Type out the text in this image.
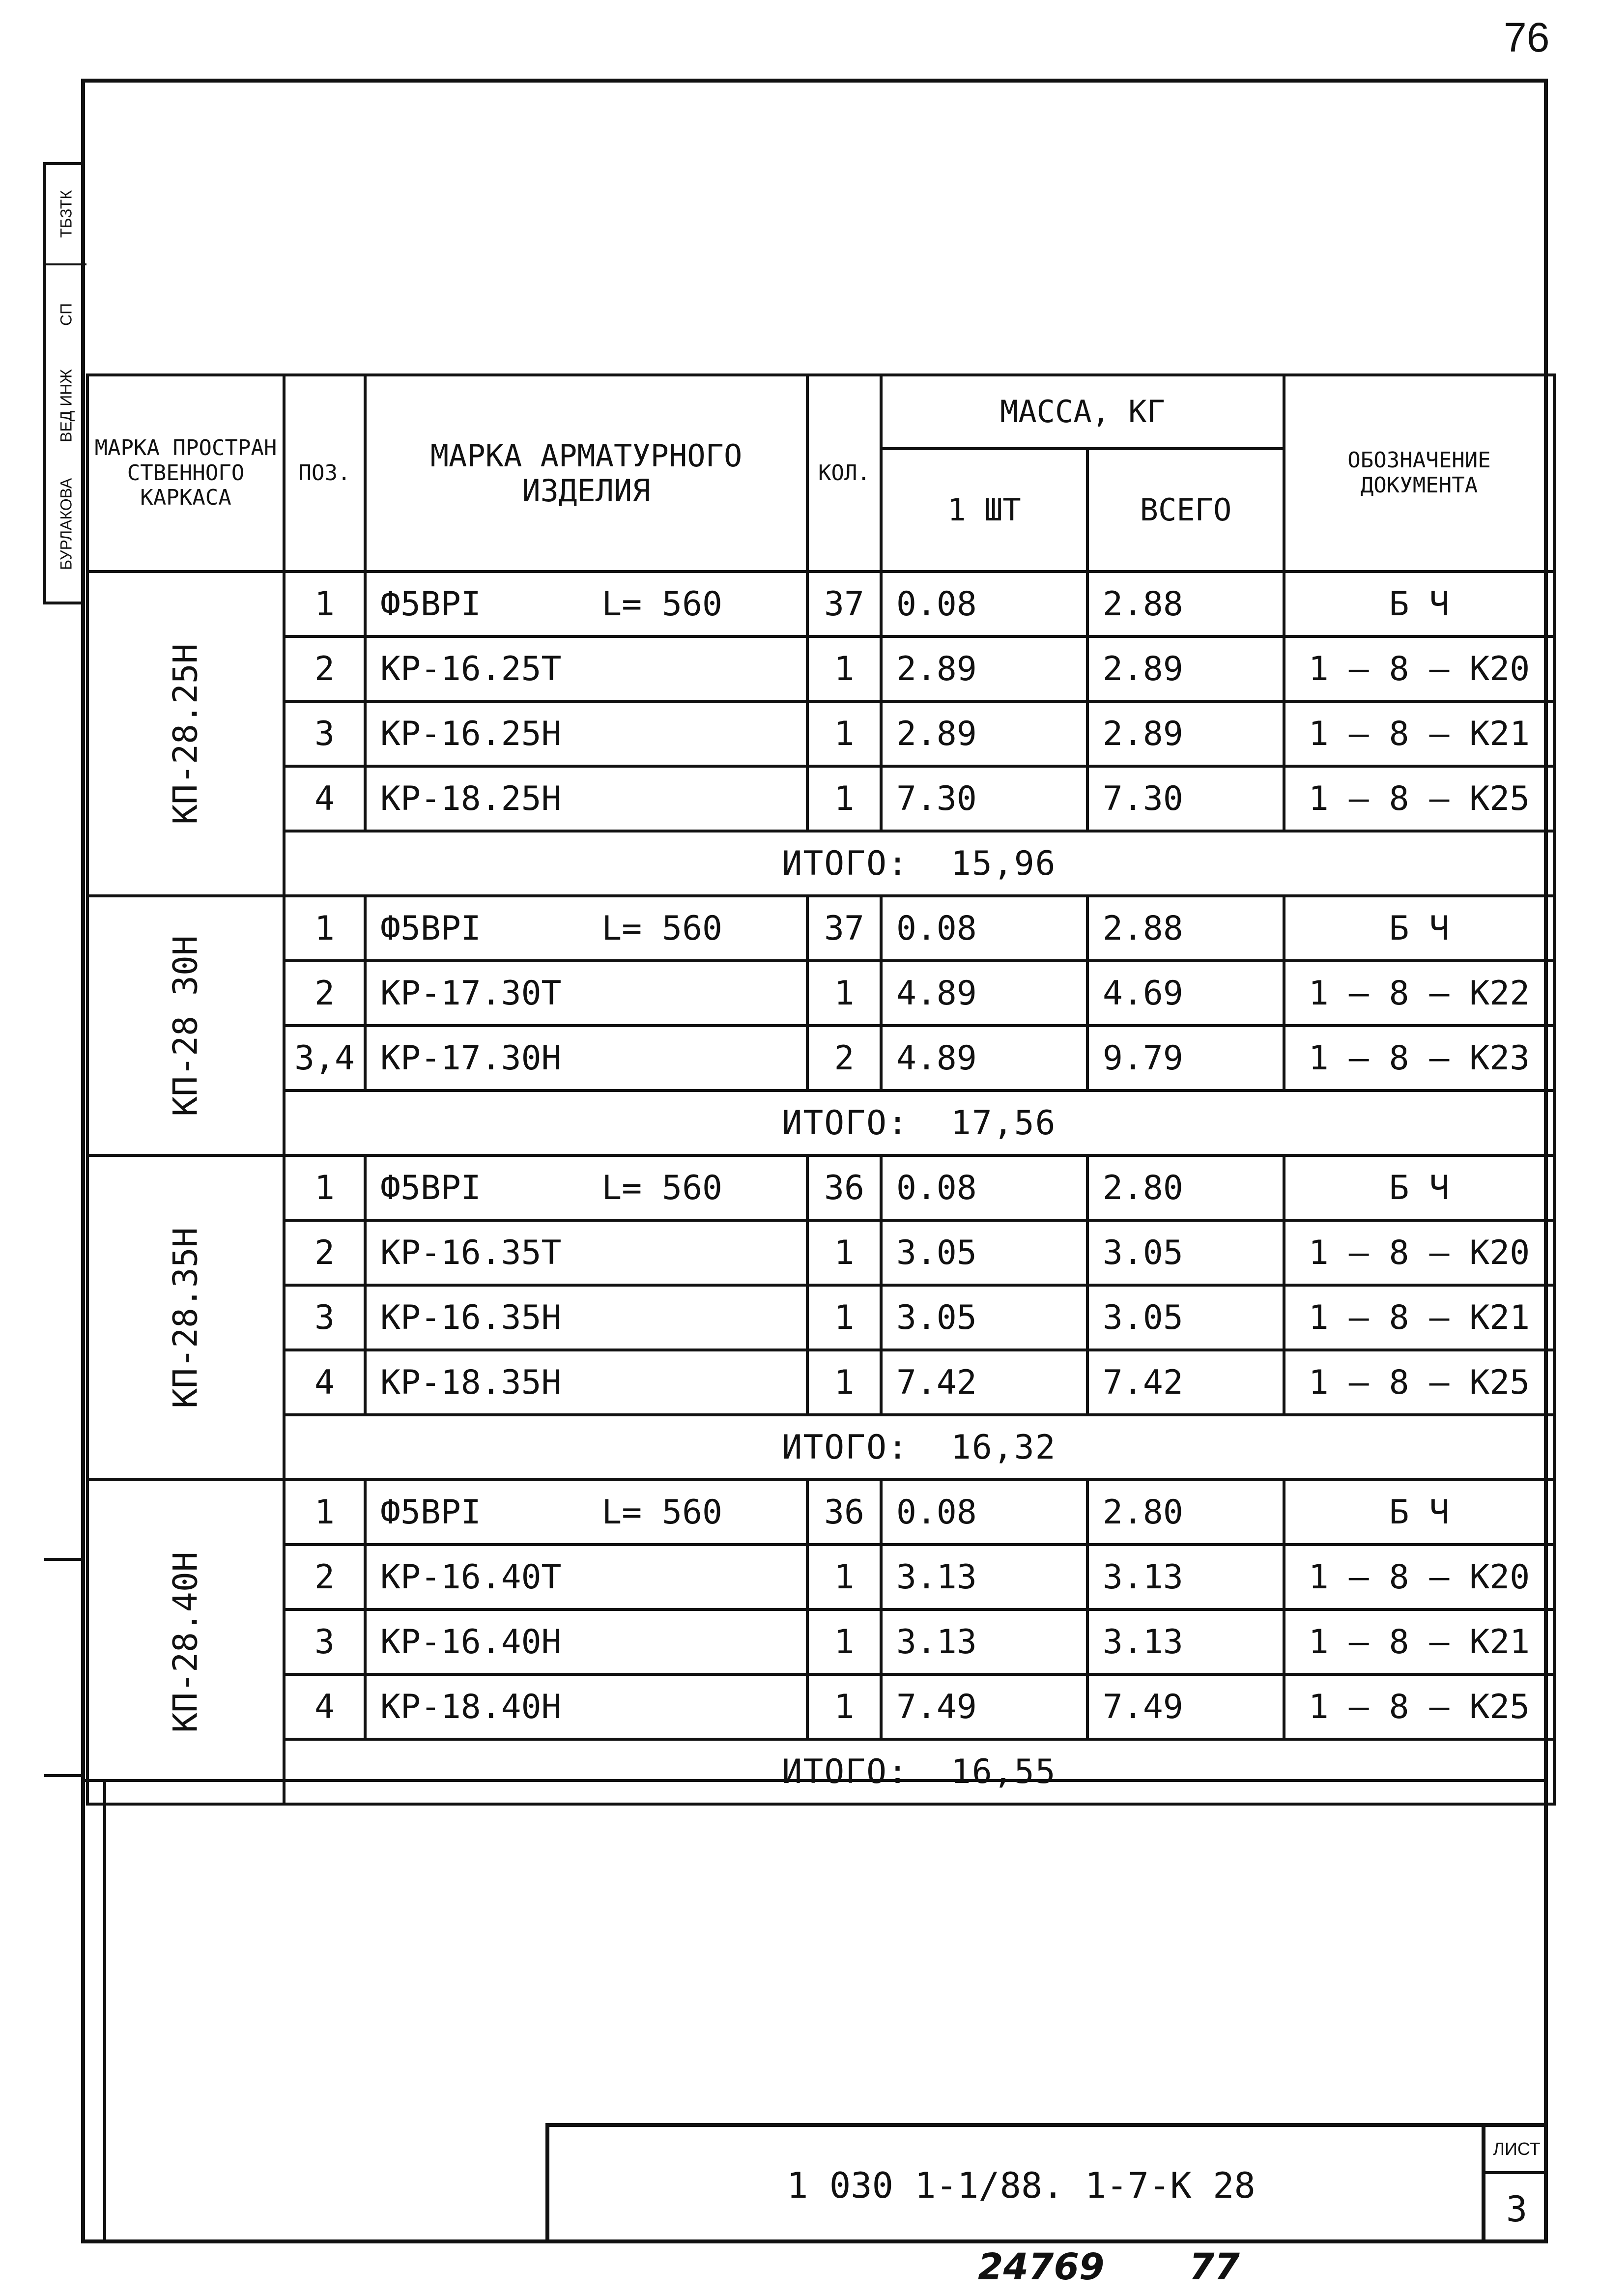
76
ТБЗТК
СП
ВЕД ИНЖ
БУРЛАКОВА
МАРКА ПРОСТРАН СТВЕННОГО КАРКАСА	ПОЗ.	МАРКА АРМАТУРНОГО ИЗДЕЛИЯ	КОЛ.	МАССА, КГ		ОБОЗНАЧЕНИЕ ДОКУМЕНТА
				1 ШТ	ВСЕГО	
КП-28.25Н	1	Ф5ВРI      L= 560	37	0.08	2.88	Б Ч
	2	КР-16.25Т	1	2.89	2.89	1 — 8 — К20
	3	КР-16.25Н	1	2.89	2.89	1 — 8 — К21
	4	КР-18.25Н	1	7.30	7.30	1 — 8 — К25
	ИТОГО:  15,96					
КП-28 30Н	1	Ф5ВРI      L= 560	37	0.08	2.88	Б Ч
	2	КР-17.30Т	1	4.89	4.69	1 — 8 — К22
	3,4	КР-17.30Н	2	4.89	9.79	1 — 8 — К23
	ИТОГО:  17,56					
КП-28.35Н	1	Ф5ВРI      L= 560	36	0.08	2.80	Б Ч
	2	КР-16.35Т	1	3.05	3.05	1 — 8 — К20
	3	КР-16.35Н	1	3.05	3.05	1 — 8 — К21
	4	КР-18.35Н	1	7.42	7.42	1 — 8 — К25
	ИТОГО:  16,32					
КП-28.40Н	1	Ф5ВРI      L= 560	36	0.08	2.80	Б Ч
	2	КР-16.40Т	1	3.13	3.13	1 — 8 — К20
	3	КР-16.40Н	1	3.13	3.13	1 — 8 — К21
	4	КР-18.40Н	1	7.49	7.49	1 — 8 — К25
	ИТОГО:  16,55					
1 030 1-1/88. 1-7-К 28
ЛИСТ
3
24769 77
